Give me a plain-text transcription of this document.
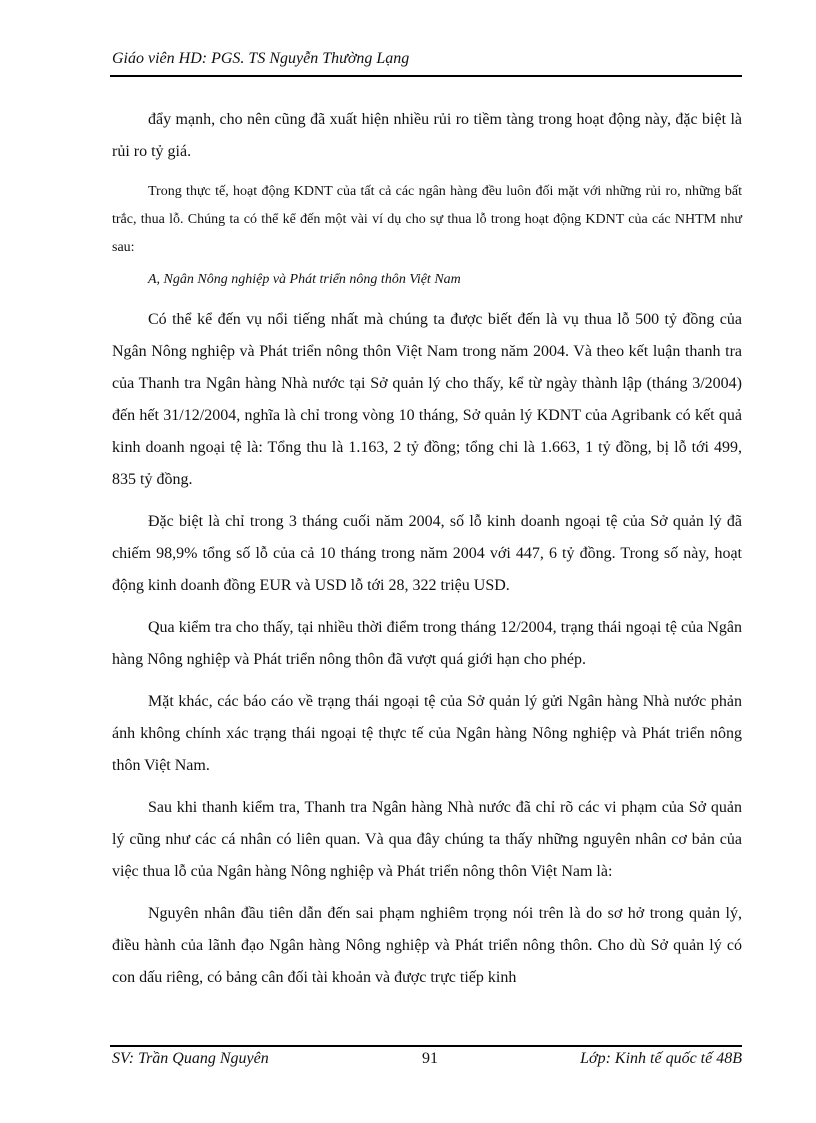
Giáo viên HD: PGS. TS Nguyễn Thường Lạng

đẩy mạnh, cho nên cũng đã xuất hiện nhiều rủi ro tiềm tàng trong hoạt động này, đặc biệt là rủi ro tỷ giá.

Trong thực tế, hoạt động KDNT của tất cả các ngân hàng đều luôn đối mặt với những rủi ro, những bất trắc, thua lỗ. Chúng ta có thể kể đến một vài ví dụ cho sự thua lỗ trong hoạt động KDNT của các NHTM như sau:

A, Ngân Nông nghiệp và Phát triển nông thôn Việt Nam

Có thể kể đến vụ nổi tiếng nhất mà chúng ta được biết đến là vụ thua lỗ 500 tỷ đồng của Ngân Nông nghiệp và Phát triển nông thôn Việt Nam trong năm 2004. Và theo kết luận thanh tra của Thanh tra Ngân hàng Nhà nước tại Sở quản lý cho thấy, kể từ ngày thành lập (tháng 3/2004) đến hết 31/12/2004, nghĩa là chỉ trong vòng 10 tháng, Sở quản lý KDNT của Agribank có kết quả kinh doanh ngoại tệ là: Tổng thu là 1.163, 2 tỷ đồng; tổng chi là 1.663, 1 tỷ đồng, bị lỗ tới 499, 835 tỷ đồng.

Đặc biệt là chỉ trong 3 tháng cuối năm 2004, số lỗ kinh doanh ngoại tệ của Sở quản lý đã chiếm 98,9% tổng số lỗ của cả 10 tháng trong năm 2004 với 447, 6 tỷ đồng. Trong số này, hoạt động kinh doanh đồng EUR và USD lỗ tới 28, 322 triệu USD.

Qua kiểm tra cho thấy, tại nhiều thời điểm trong tháng 12/2004, trạng thái ngoại tệ của Ngân hàng Nông nghiệp và Phát triển nông thôn đã vượt quá giới hạn cho phép.

Mặt khác, các báo cáo về trạng thái ngoại tệ của Sở quản lý gửi Ngân hàng Nhà nước phản ánh không chính xác trạng thái ngoại tệ thực tế của Ngân hàng Nông nghiệp và Phát triển nông thôn Việt Nam.

Sau khi thanh kiểm tra, Thanh tra Ngân hàng Nhà nước đã chỉ rõ các vi phạm của Sở quản lý cũng như các cá nhân có liên quan. Và qua đây chúng ta thấy những nguyên nhân cơ bản của việc thua lỗ của Ngân hàng Nông nghiệp và Phát triển nông thôn Việt Nam là:

Nguyên nhân đầu tiên dẫn đến sai phạm nghiêm trọng nói trên là do sơ hở trong quản lý, điều hành của lãnh đạo Ngân hàng Nông nghiệp và Phát triển nông thôn. Cho dù Sở quản lý có con dấu riêng, có bảng cân đối tài khoản và được trực tiếp kinh

SV: Trần Quang Nguyên	91	Lớp: Kinh tế quốc tế 48B
